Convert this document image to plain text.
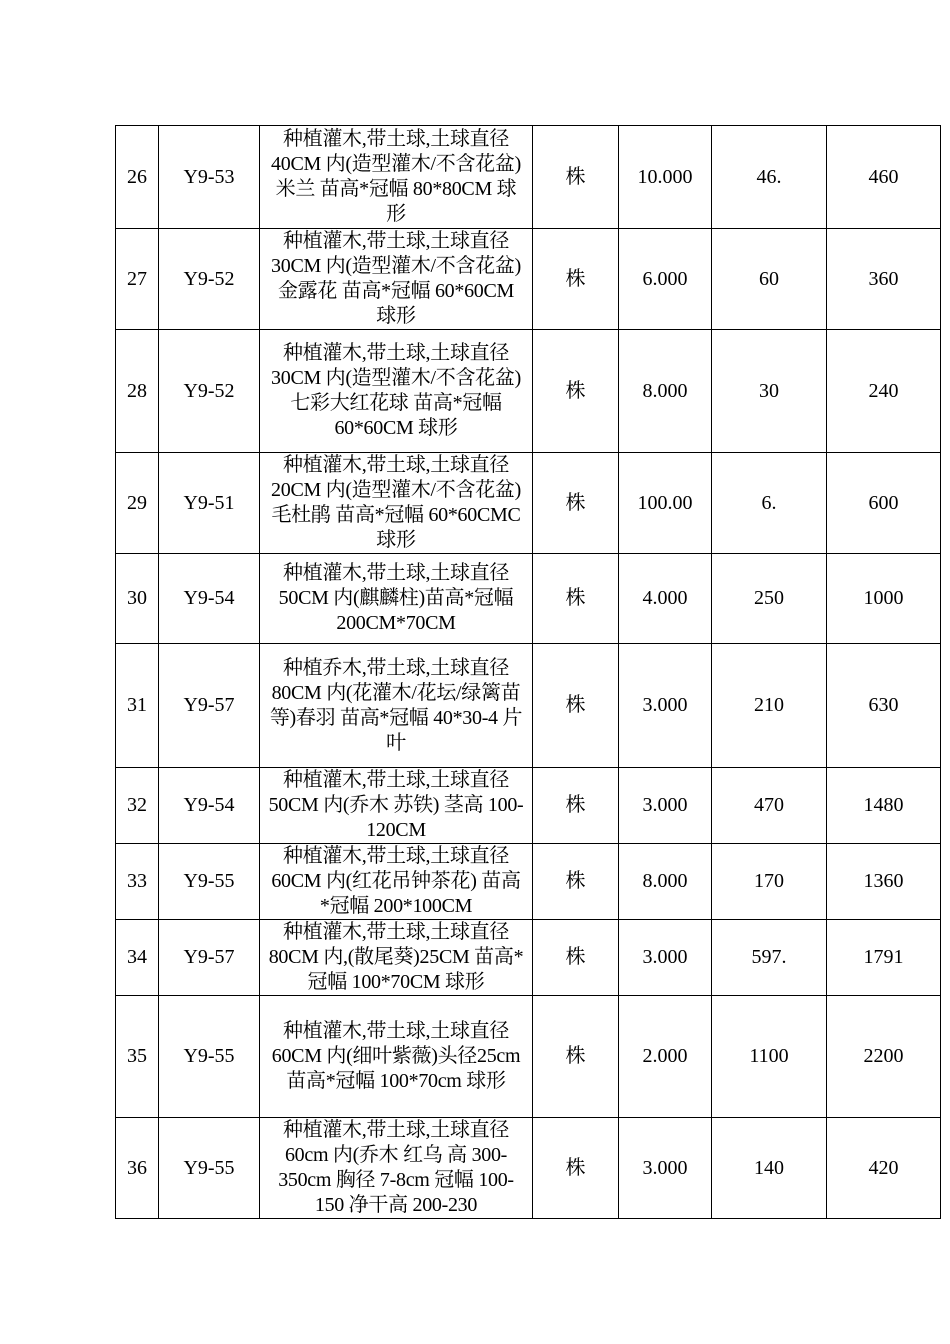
26	Y9-53	种植灌木,带土球,土球直径40CM 内(造型灌木/不含花盆)米兰 苗高*冠幅 80*80CM 球形	株	10.000	46.	460
27	Y9-52	种植灌木,带土球,土球直径30CM 内(造型灌木/不含花盆)金露花 苗高*冠幅 60*60CM 球形	株	6.000	60	360
28	Y9-52	种植灌木,带土球,土球直径30CM 内(造型灌木/不含花盆)七彩大红花球 苗高*冠幅 60*60CM 球形	株	8.000	30	240
29	Y9-51	种植灌木,带土球,土球直径20CM 内(造型灌木/不含花盆)毛杜鹃 苗高*冠幅 60*60CMC 球形	株	100.00	6.	600
30	Y9-54	种植灌木,带土球,土球直径50CM 内(麒麟柱)苗高*冠幅 200CM*70CM	株	4.000	250	1000
31	Y9-57	种植乔木,带土球,土球直径80CM 内(花灌木/花坛/绿篱苗等)春羽 苗高*冠幅 40*30-4 片叶	株	3.000	210	630
32	Y9-54	种植灌木,带土球,土球直径50CM 内(乔木 苏铁) 茎高 100-120CM	株	3.000	470	1480
33	Y9-55	种植灌木,带土球,土球直径60CM 内(红花吊钟茶花) 苗高*冠幅 200*100CM	株	8.000	170	1360
34	Y9-57	种植灌木,带土球,土球直径80CM 内,(散尾葵)25CM 苗高*冠幅 100*70CM 球形	株	3.000	597.	1791
35	Y9-55	种植灌木,带土球,土球直径60CM 内(细叶紫薇)头径25cm 苗高*冠幅 100*70cm 球形	株	2.000	1100	2200
36	Y9-55	种植灌木,带土球,土球直径60cm 内(乔木 红乌 高 300-350cm 胸径 7-8cm 冠幅 100-150 净干高 200-230	株	3.000	140	420
